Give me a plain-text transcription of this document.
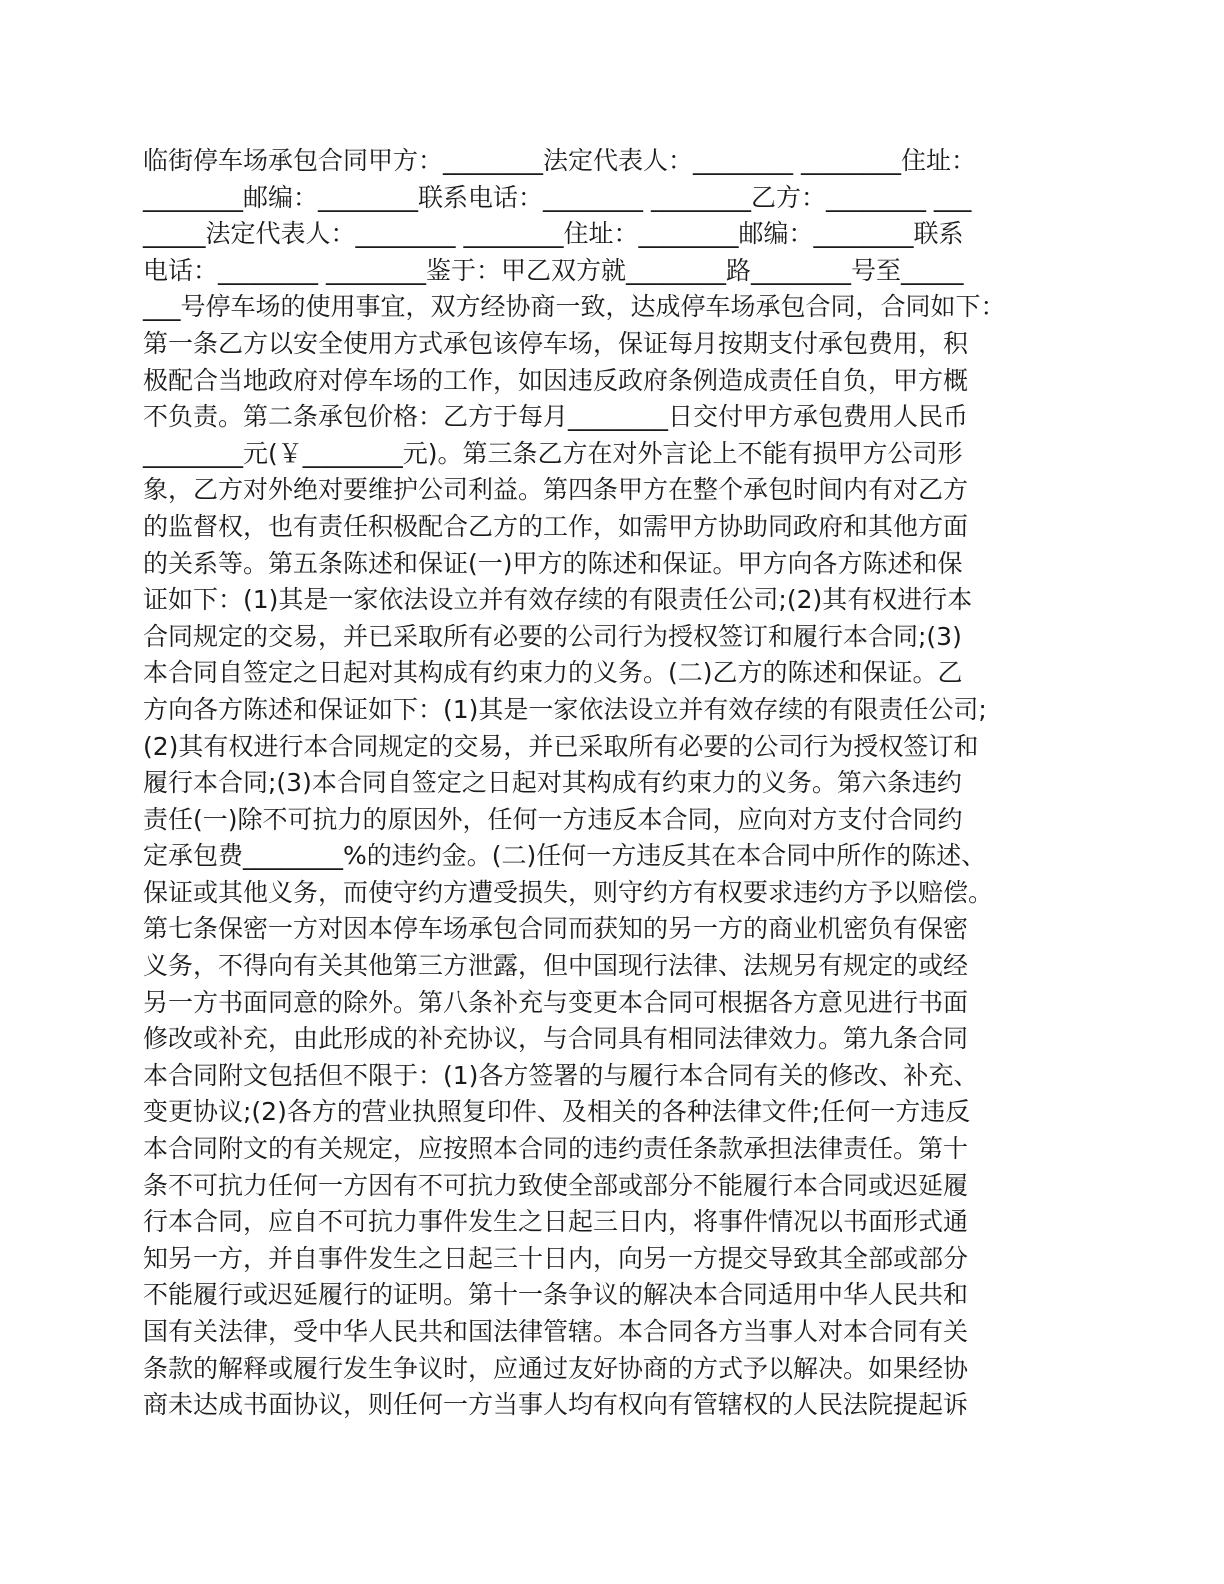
临街停车场承包合同甲方：________法定代表人：________ ________住址：
________邮编：________联系电话：________ ________乙方：________ ___
_____法定代表人：________ ________住址：________邮编：________联系
电话：________ ________鉴于：甲乙双方就________路________号至_____
___号停车场的使用事宜，双方经协商一致，达成停车场承包合同，合同如下：
第一条乙方以安全使用方式承包该停车场，保证每月按期支付承包费用，积
极配合当地政府对停车场的工作，如因违反政府条例造成责任自负，甲方概
不负责。第二条承包价格：乙方于每月________日交付甲方承包费用人民币
________元(￥________元)。第三条乙方在对外言论上不能有损甲方公司形
象，乙方对外绝对要维护公司利益。第四条甲方在整个承包时间内有对乙方
的监督权，也有责任积极配合乙方的工作，如需甲方协助同政府和其他方面
的关系等。第五条陈述和保证(一)甲方的陈述和保证。甲方向各方陈述和保
证如下：(1)其是一家依法设立并有效存续的有限责任公司;(2)其有权进行本
合同规定的交易，并已采取所有必要的公司行为授权签订和履行本合同;(3)
本合同自签定之日起对其构成有约束力的义务。(二)乙方的陈述和保证。乙
方向各方陈述和保证如下：(1)其是一家依法设立并有效存续的有限责任公司;
(2)其有权进行本合同规定的交易，并已采取所有必要的公司行为授权签订和
履行本合同;(3)本合同自签定之日起对其构成有约束力的义务。第六条违约
责任(一)除不可抗力的原因外，任何一方违反本合同，应向对方支付合同约
定承包费________%的违约金。(二)任何一方违反其在本合同中所作的陈述、
保证或其他义务，而使守约方遭受损失，则守约方有权要求违约方予以赔偿。
第七条保密一方对因本停车场承包合同而获知的另一方的商业机密负有保密
义务，不得向有关其他第三方泄露，但中国现行法律、法规另有规定的或经
另一方书面同意的除外。第八条补充与变更本合同可根据各方意见进行书面
修改或补充，由此形成的补充协议，与合同具有相同法律效力。第九条合同
本合同附文包括但不限于：(1)各方签署的与履行本合同有关的修改、补充、
变更协议;(2)各方的营业执照复印件、及相关的各种法律文件;任何一方违反
本合同附文的有关规定，应按照本合同的违约责任条款承担法律责任。第十
条不可抗力任何一方因有不可抗力致使全部或部分不能履行本合同或迟延履
行本合同，应自不可抗力事件发生之日起三日内，将事件情况以书面形式通
知另一方，并自事件发生之日起三十日内，向另一方提交导致其全部或部分
不能履行或迟延履行的证明。第十一条争议的解决本合同适用中华人民共和
国有关法律，受中华人民共和国法律管辖。本合同各方当事人对本合同有关
条款的解释或履行发生争议时，应通过友好协商的方式予以解决。如果经协
商未达成书面协议，则任何一方当事人均有权向有管辖权的人民法院提起诉
